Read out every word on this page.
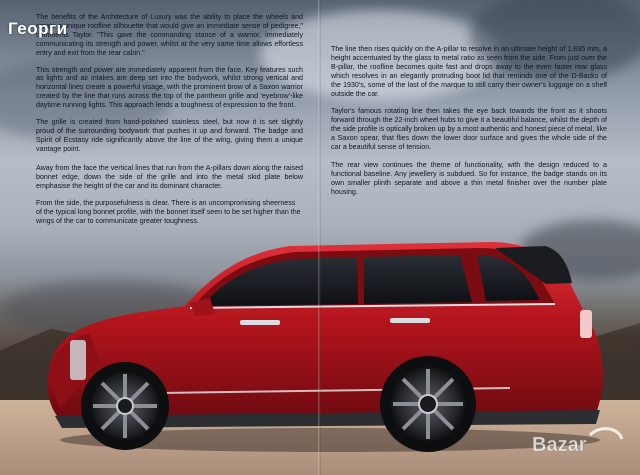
The benefits of the Architecture of Luxury was the ability to place the wheels and create a unique roofline silhouette that would give an immediate sense of pedigree," comments Taylor. "This gave the commanding stance of a warrior, immediately communicating its strength and power, whilst at the very same time allows effortless entry and exit from the rear cabin."

This strength and power are immediately apparent from the face. Key features such as lights and air intakes are deep set into the bodywork, whilst strong vertical and horizontal lines create a powerful visage, with the prominent brow of a Saxon warrior created by the line that runs across the top of the pantheon grille and 'eyebrow'-like daytime running lights. This approach lends a toughness of expression to the front.

The grille is created from hand-polished stainless steel, but now it is set slightly proud of the surrounding bodywork that pushes it up and forward. The badge and Spirit of Ecstasy ride significantly above the line of the wing, giving them a unique vantage point.

Away from the face the vertical lines that run from the A-pillars down along the raised bonnet edge, down the side of the grille and into the metal skid plate below emphasise the height of the car and its dominant character.

From the side, the purposefulness is clear. There is an uncompromising sheerness of the typical long bonnet profile, with the bonnet itself seen to be set higher than the wings of the car to communicate greater toughness.

The line then rises quickly on the A-pillar to resolve in an ultimate height of 1,835 mm, a height accentuated by the glass to metal ratio as seen from the side. From just over the B-pillar, the roofline becomes quite fast and drops away to the even faster rear glass which resolves in an elegantly protruding boot lid that reminds one of the D-Backs of the 1930's, some of the last of the marque to still carry their owner's luggage on a shelf outside the car.

Taylor's famous rotating line then takes the eye back towards the front as it shoots forward through the 22-inch wheel hubs to give it a beautiful balance, whilst the depth of the side profile is optically broken up by a most authentic and honest piece of metal, like a Saxon spear, that flies down the lower door surface and gives the whole side of the car a beautiful sense of tension.

The rear view continues the theme of functionality, with the design reduced to a functional baseline. Any jewellery is subdued. So for instance, the badge stands on its own smaller plinth separate and above a thin metal finisher over the number plate housing.

Bazar
Георги
